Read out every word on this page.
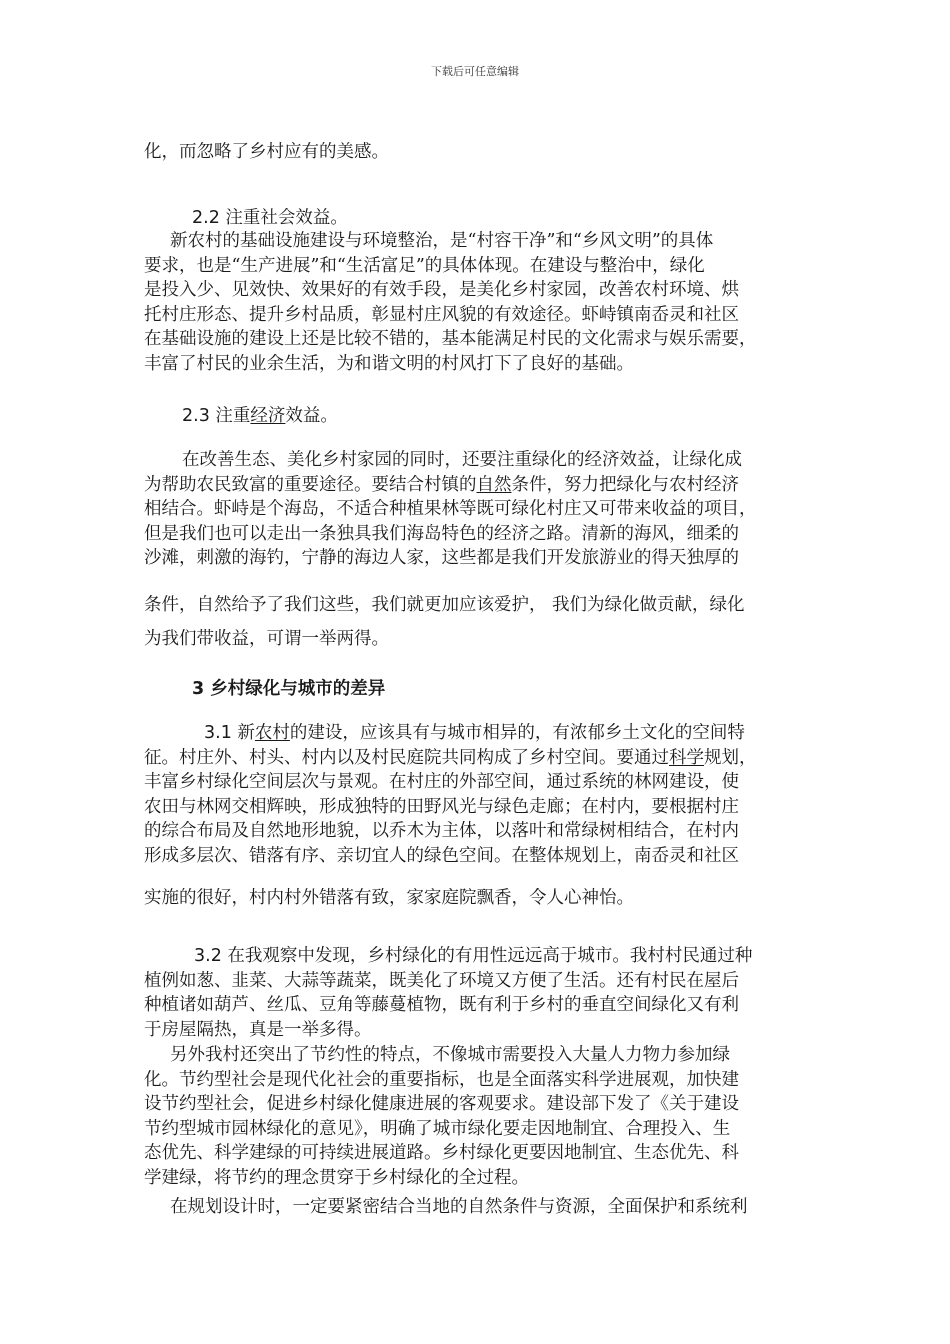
下载后可任意编辑
化，而忽略了乡村应有的美感。
2.2 注重社会效益。
新农村的基础设施建设与环境整治，是“村容干净”和“乡风文明”的具体
要求，也是“生产进展”和“生活富足”的具体体现。在建设与整治中，绿化
是投入少、见效快、效果好的有效手段，是美化乡村家园，改善农村环境、烘
托村庄形态、提升乡村品质，彰显村庄风貌的有效途径。虾峙镇南岙灵和社区
在基础设施的建设上还是比较不错的，基本能满足村民的文化需求与娱乐需要，
丰富了村民的业余生活，为和谐文明的村风打下了良好的基础。
2.3 注重经济效益。
在改善生态、美化乡村家园的同时，还要注重绿化的经济效益，让绿化成
为帮助农民致富的重要途径。要结合村镇的自然条件，努力把绿化与农村经济
相结合。虾峙是个海岛，不适合种植果林等既可绿化村庄又可带来收益的项目，
但是我们也可以走出一条独具我们海岛特色的经济之路。清新的海风，细柔的
沙滩，刺激的海钓，宁静的海边人家，这些都是我们开发旅游业的得天独厚的
条件，自然给予了我们这些，我们就更加应该爱护， 我们为绿化做贡献，绿化
为我们带收益，可谓一举两得。
3 乡村绿化与城市的差异
3.1 新农村的建设，应该具有与城市相异的，有浓郁乡土文化的空间特
征。村庄外、村头、村内以及村民庭院共同构成了乡村空间。要通过科学规划，
丰富乡村绿化空间层次与景观。在村庄的外部空间，通过系统的林网建设，使
农田与林网交相辉映，形成独特的田野风光与绿色走廊；在村内，要根据村庄
的综合布局及自然地形地貌，以乔木为主体，以落叶和常绿树相结合，在村内
形成多层次、错落有序、亲切宜人的绿色空间。在整体规划上，南岙灵和社区
实施的很好，村内村外错落有致，家家庭院飘香，令人心神怡。
3.2 在我观察中发现，乡村绿化的有用性远远高于城市。我村村民通过种
植例如葱、韭菜、大蒜等蔬菜，既美化了环境又方便了生活。还有村民在屋后
种植诸如葫芦、丝瓜、豆角等藤蔓植物，既有利于乡村的垂直空间绿化又有利
于房屋隔热，真是一举多得。
另外我村还突出了节约性的特点，不像城市需要投入大量人力物力参加绿
化。节约型社会是现代化社会的重要指标，也是全面落实科学进展观，加快建
设节约型社会，促进乡村绿化健康进展的客观要求。建设部下发了《关于建设
节约型城市园林绿化的意见》，明确了城市绿化要走因地制宜、合理投入、生
态优先、科学建绿的可持续进展道路。乡村绿化更要因地制宜、生态优先、科
学建绿，将节约的理念贯穿于乡村绿化的全过程。
在规划设计时，一定要紧密结合当地的自然条件与资源，全面保护和系统利
